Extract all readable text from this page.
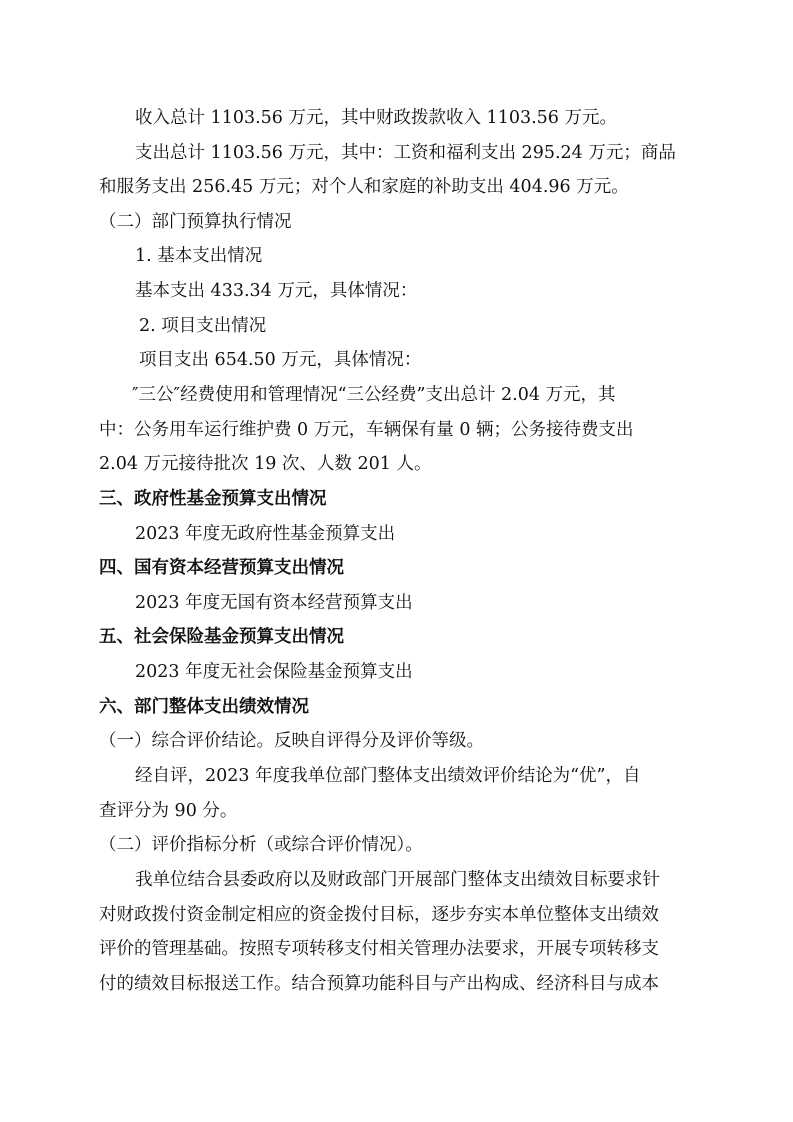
收入总计 1103.56 万元，其中财政拨款收入 1103.56 万元。
支出总计 1103.56 万元，其中：工资和福利支出 295.24 万元；商品
和服务支出 256.45 万元；对个人和家庭的补助支出 404.96 万元。
（二）部门预算执行情况
1. 基本支出情况
基本支出 433.34 万元，具体情况：
2. 项目支出情况
项目支出 654.50 万元，具体情况：
″三公″经费使用和管理情况“三公经费”支出总计 2.04 万元，其
中：公务用车运行维护费 0 万元，车辆保有量 0 辆；公务接待费支出
2.04 万元接待批次 19 次、人数 201 人。
三、政府性基金预算支出情况
2023 年度无政府性基金预算支出
四、国有资本经营预算支出情况
2023 年度无国有资本经营预算支出
五、社会保险基金预算支出情况
2023 年度无社会保险基金预算支出
六、部门整体支出绩效情况
（一）综合评价结论。反映自评得分及评价等级。
经自评，2023 年度我单位部门整体支出绩效评价结论为“优”，自
查评分为 90 分。
（二）评价指标分析（或综合评价情况）。
我单位结合县委政府以及财政部门开展部门整体支出绩效目标要求针
对财政拨付资金制定相应的资金拨付目标，逐步夯实本单位整体支出绩效
评价的管理基础。按照专项转移支付相关管理办法要求，开展专项转移支
付的绩效目标报送工作。结合预算功能科目与产出构成、经济科目与成本
